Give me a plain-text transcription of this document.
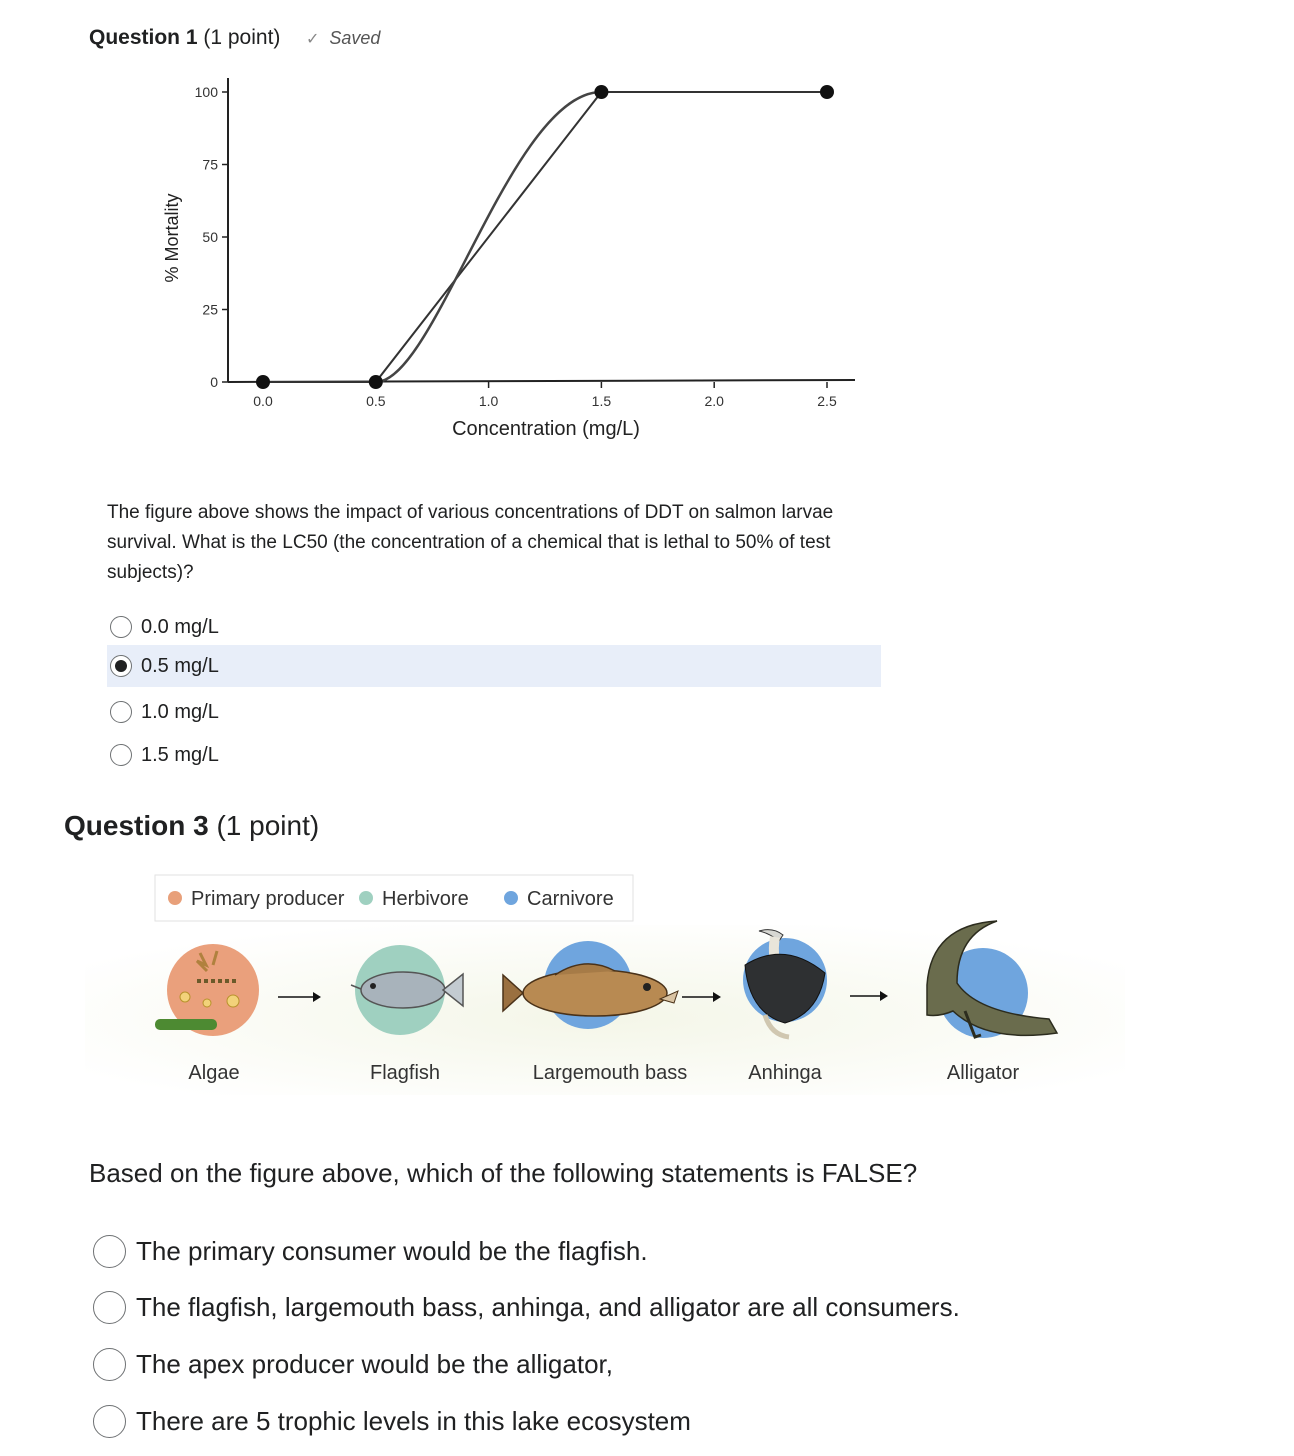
Question 1 (1 point) ✓ Saved
0
25
50
75
100
0.0	0.5	1.0	1.5	2.0	2.5
% Mortality
Concentration (mg/L)
The figure above shows the impact of various concentrations of DDT on salmon larvae survival. What is the LC50 (the concentration of a chemical that is lethal to 50% of test subjects)?
0.0 mg/L
0.5 mg/L
1.0 mg/L
1.5 mg/L
Question 3 (1 point)
Primary producer Herbivore	Carnivore
Algae	Flagfish	Largemouth bass	Anhinga	Alligator
Based on the figure above, which of the following statements is FALSE?
The primary consumer would be the flagfish.
The flagfish, largemouth bass, anhinga, and alligator are all consumers.
The apex producer would be the alligator,
There are 5 trophic levels in this lake ecosystem
